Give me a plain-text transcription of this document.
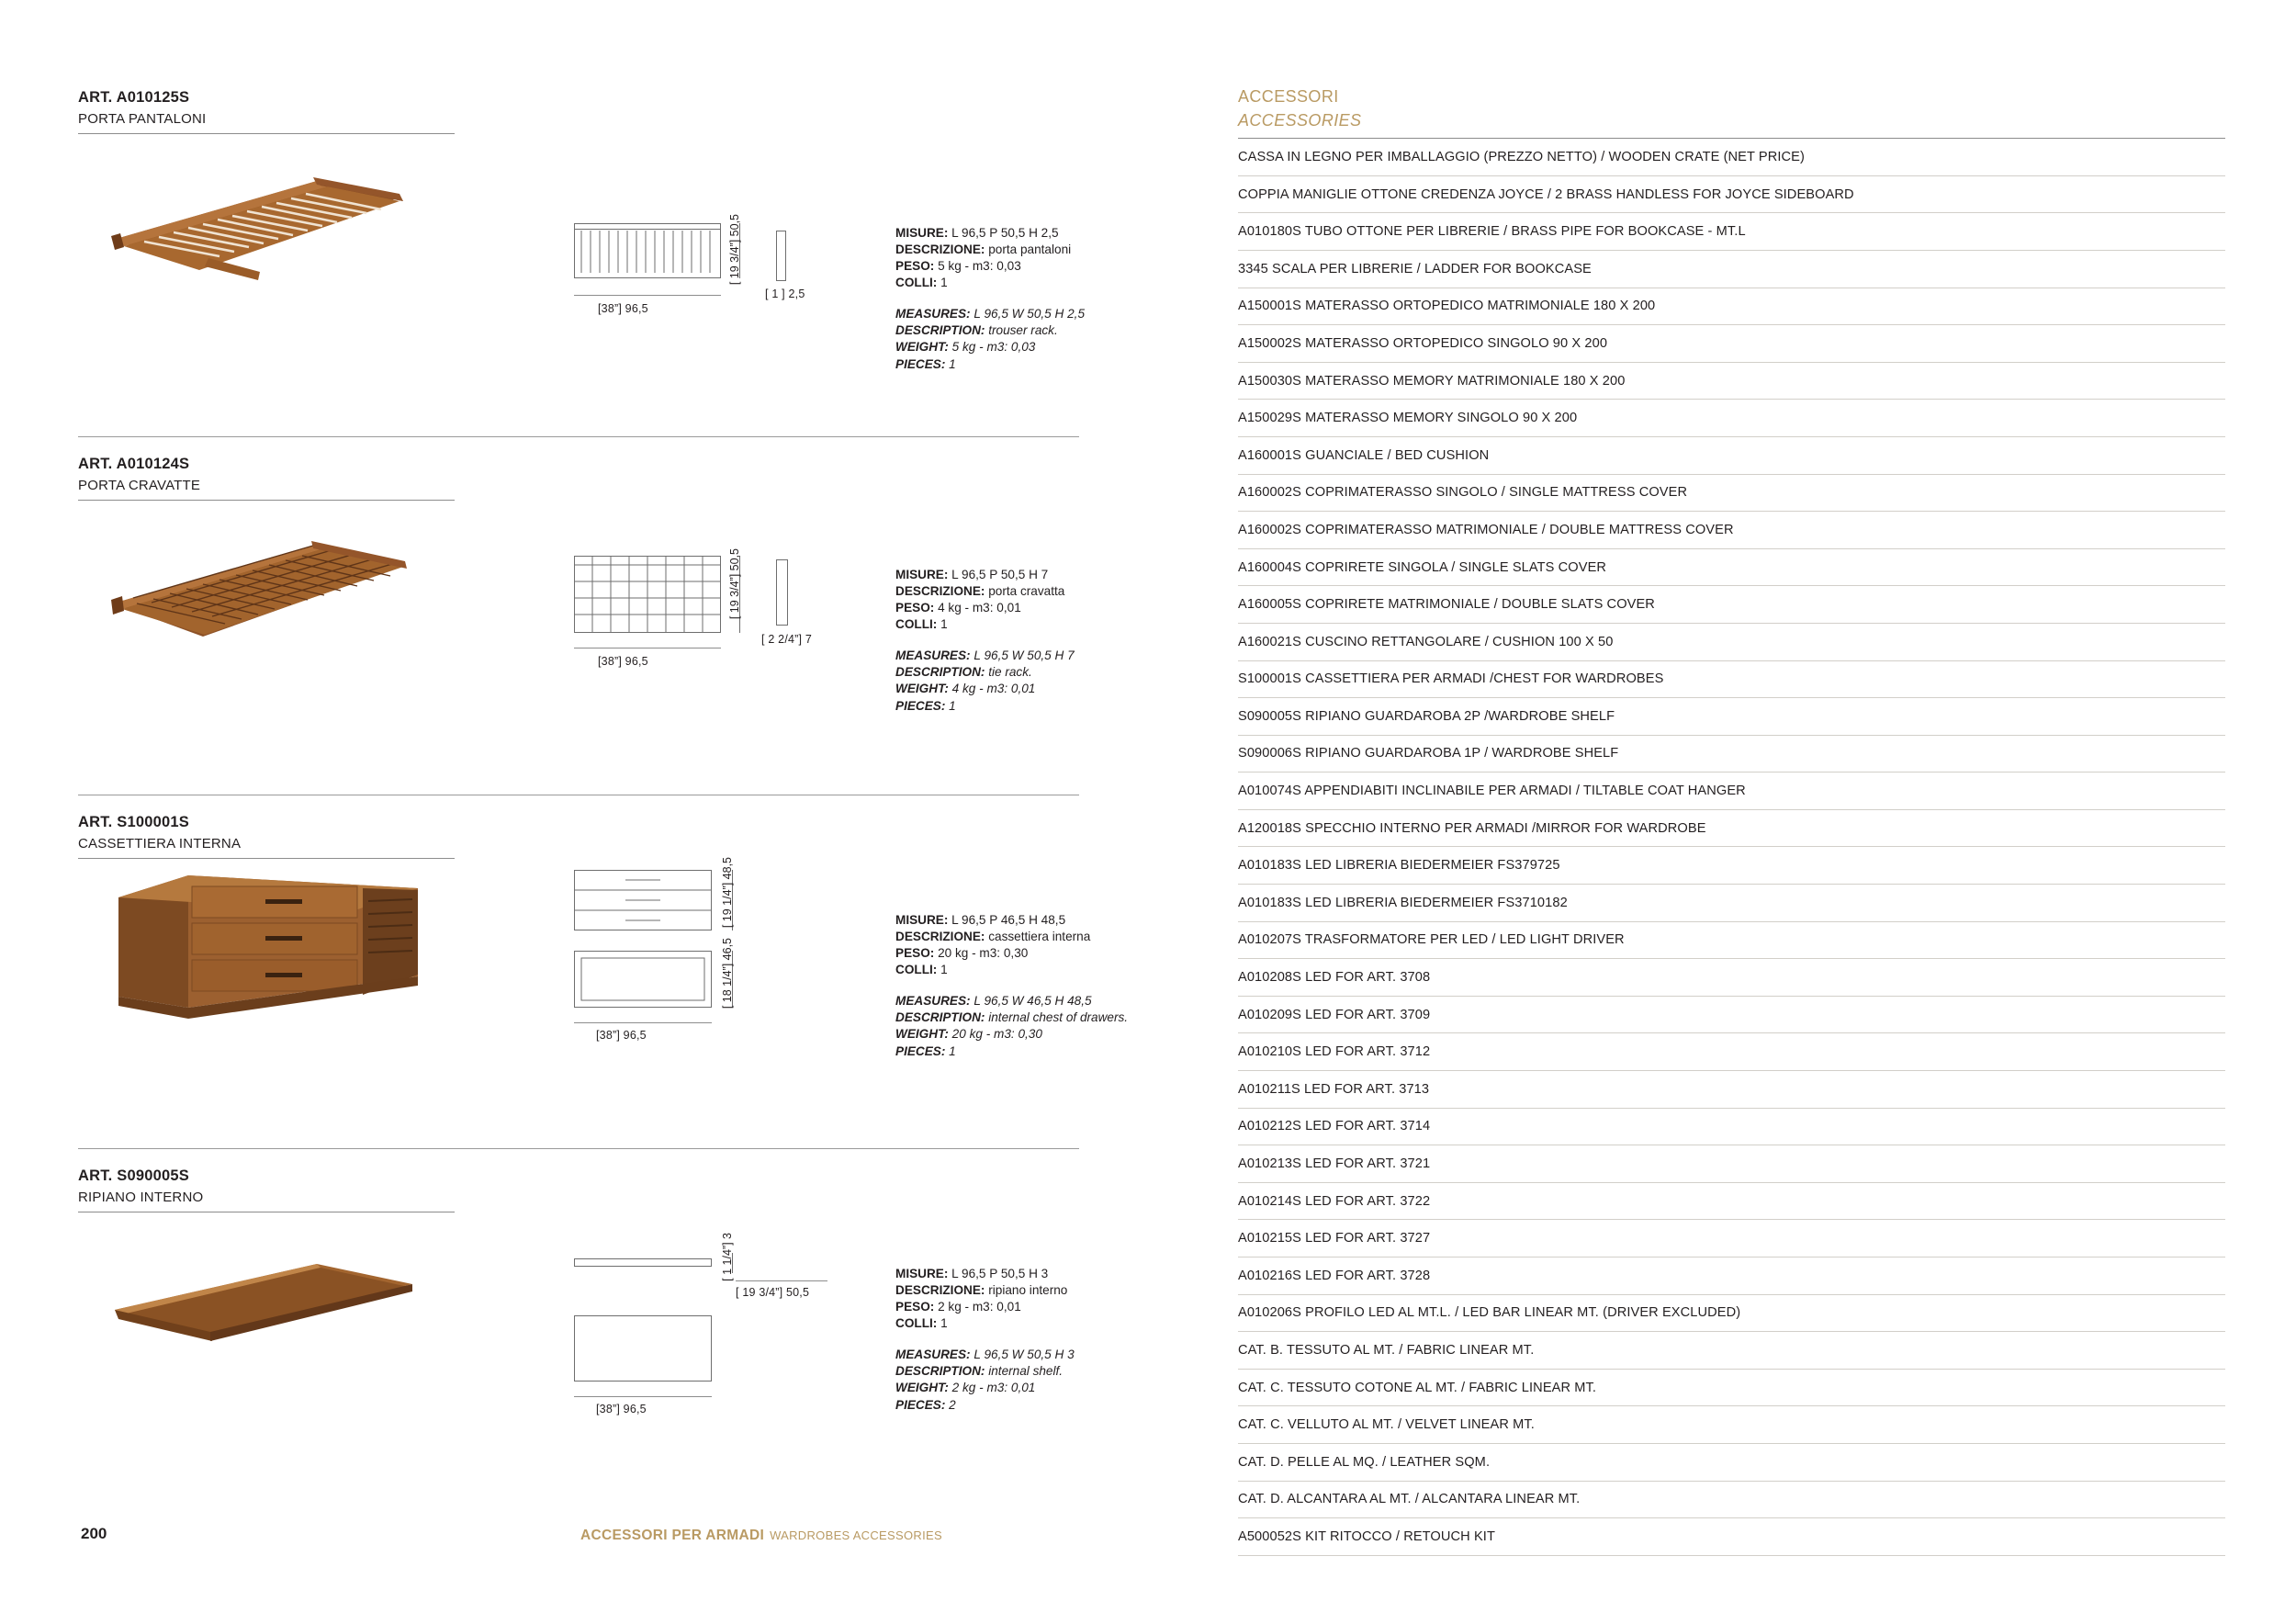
ART. A010125S
PORTA PANTALONI
[38”] 96,5
[ 19 3/4”] 50,5
[ 1 ] 2,5
MISURE: L 96,5 P 50,5 H 2,5
DESCRIZIONE: porta pantaloni
PESO: 5 kg - m3: 0,03
COLLI: 1
MEASURES: L 96,5 W 50,5 H 2,5
DESCRIPTION: trouser rack.
WEIGHT: 5 kg - m3: 0,03
PIECES: 1
ART. A010124S
PORTA CRAVATTE
[38”] 96,5
[ 19 3/4”] 50,5
[ 2 2/4”] 7
MISURE: L 96,5 P 50,5 H 7
DESCRIZIONE: porta cravatta
PESO: 4 kg - m3: 0,01
COLLI: 1
MEASURES: L 96,5 W 50,5 H 7
DESCRIPTION: tie rack.
WEIGHT: 4 kg - m3: 0,01
PIECES: 1
ART. S100001S
CASSETTIERA INTERNA
[ 19 1/4”] 48,5
[ 18 1/4”] 46,5
[38”] 96,5
MISURE: L 96,5 P 46,5 H 48,5
DESCRIZIONE: cassettiera interna
PESO: 20 kg - m3: 0,30
COLLI: 1
MEASURES: L 96,5 W 46,5 H 48,5
DESCRIPTION: internal chest of drawers.
WEIGHT: 20 kg - m3: 0,30
PIECES: 1
ART. S090005S
RIPIANO INTERNO
[ 1 1/4”] 3
[ 19 3/4”] 50,5
[38”] 96,5
MISURE: L 96,5 P 50,5 H 3
DESCRIZIONE: ripiano interno
PESO: 2 kg - m3: 0,01
COLLI: 1
MEASURES: L 96,5 W 50,5 H 3
DESCRIPTION: internal shelf.
WEIGHT: 2 kg - m3: 0,01
PIECES: 2
ACCESSORI
ACCESSORIES
CASSA IN LEGNO PER IMBALLAGGIO (PREZZO NETTO) / WOODEN CRATE (NET PRICE)
COPPIA MANIGLIE OTTONE CREDENZA JOYCE / 2 BRASS HANDLESS FOR JOYCE SIDEBOARD
A010180S TUBO OTTONE PER LIBRERIE / BRASS PIPE FOR BOOKCASE - MT.L
3345 SCALA PER LIBRERIE / LADDER FOR BOOKCASE
A150001S MATERASSO ORTOPEDICO MATRIMONIALE 180 X 200
A150002S MATERASSO ORTOPEDICO SINGOLO 90 X 200
A150030S MATERASSO MEMORY MATRIMONIALE 180 X 200
A150029S MATERASSO MEMORY SINGOLO 90 X 200
A160001S GUANCIALE / BED CUSHION
A160002S COPRIMATERASSO SINGOLO / SINGLE MATTRESS COVER
A160002S COPRIMATERASSO MATRIMONIALE / DOUBLE MATTRESS COVER
A160004S COPRIRETE SINGOLA / SINGLE SLATS COVER
A160005S COPRIRETE MATRIMONIALE / DOUBLE SLATS COVER
A160021S CUSCINO RETTANGOLARE / CUSHION 100 X 50
S100001S CASSETTIERA PER ARMADI /CHEST FOR WARDROBES
S090005S RIPIANO GUARDAROBA 2P /WARDROBE SHELF
S090006S RIPIANO GUARDAROBA 1P / WARDROBE SHELF
A010074S APPENDIABITI INCLINABILE PER ARMADI / TILTABLE COAT HANGER
A120018S SPECCHIO INTERNO PER ARMADI /MIRROR FOR WARDROBE
A010183S LED LIBRERIA BIEDERMEIER FS379725
A010183S LED LIBRERIA BIEDERMEIER FS3710182
A010207S TRASFORMATORE PER LED / LED LIGHT DRIVER
A010208S LED FOR ART. 3708
A010209S LED FOR ART. 3709
A010210S LED FOR ART. 3712
A010211S LED FOR ART. 3713
A010212S LED FOR ART. 3714
A010213S LED FOR ART. 3721
A010214S LED FOR ART. 3722
A010215S LED FOR ART. 3727
A010216S LED FOR ART. 3728
A010206S PROFILO LED AL MT.L. / LED BAR LINEAR MT. (DRIVER EXCLUDED)
CAT. B. TESSUTO AL MT. / FABRIC LINEAR MT.
CAT. C. TESSUTO COTONE AL MT. / FABRIC LINEAR MT.
CAT. C. VELLUTO AL MT. / VELVET LINEAR MT.
CAT. D. PELLE AL MQ. / LEATHER SQM.
CAT. D. ALCANTARA AL MT. / ALCANTARA LINEAR MT.
A500052S KIT RITOCCO / RETOUCH KIT
200	ACCESSORI PER ARMADI WARDROBES ACCESSORIES
